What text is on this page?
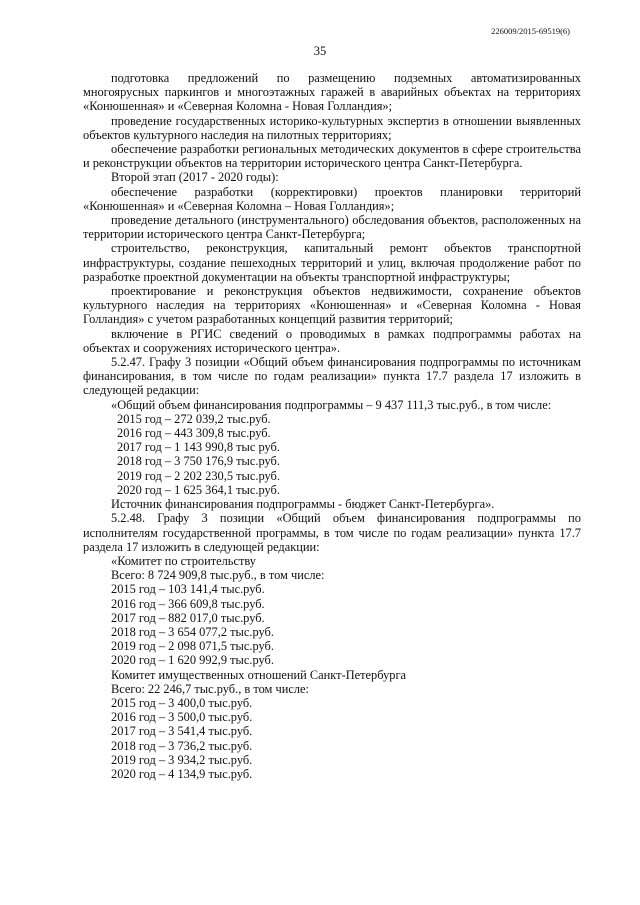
226009/2015-69519(6)
35

подготовка предложений по размещению подземных автоматизированных многоярусных паркингов и многоэтажных гаражей в аварийных объектах на территориях «Конюшенная» и «Северная Коломна - Новая Голландия»;

проведение государственных историко-культурных экспертиз в отношении выявленных объектов культурного наследия на пилотных территориях;

обеспечение разработки региональных методических документов в сфере строительства и реконструкции объектов на территории исторического центра Санкт-Петербурга.

Второй этап (2017 - 2020 годы):

обеспечение разработки (корректировки) проектов планировки территорий «Конюшенная» и «Северная Коломна – Новая Голландия»;

проведение детального (инструментального) обследования объектов, расположенных на территории исторического центра Санкт-Петербурга;

строительство, реконструкция, капитальный ремонт объектов транспортной инфраструктуры, создание пешеходных территорий и улиц, включая продолжение работ по разработке проектной документации на объекты транспортной инфраструктуры;

проектирование и реконструкция объектов недвижимости, сохранение объектов культурного наследия на территориях «Конюшенная» и «Северная Коломна - Новая Голландия» с учетом разработанных концепций развития территорий;

включение в РГИС сведений о проводимых в рамках подпрограммы работах на объектах и сооружениях исторического центра».

5.2.47. Графу 3 позиции «Общий объем финансирования подпрограммы по источникам финансирования, в том числе по годам реализации» пункта 17.7 раздела 17 изложить в следующей редакции:

«Общий объем финансирования подпрограммы – 9 437 111,3 тыс.руб., в том числе:

2015 год – 272 039,2 тыс.руб.

2016 год – 443 309,8 тыс.руб.

2017 год – 1 143 990,8 тыс руб.

2018 год – 3 750 176,9 тыс.руб.

2019 год – 2 202 230,5 тыс.руб.

2020 год – 1 625 364,1 тыс.руб.

Источник финансирования подпрограммы - бюджет Санкт-Петербурга».

5.2.48. Графу 3 позиции «Общий объем финансирования подпрограммы по исполнителям государственной программы, в том числе по годам реализации» пункта 17.7 раздела 17 изложить в следующей редакции:

«Комитет по строительству

Всего: 8 724 909,8 тыс.руб., в том числе:

2015 год – 103 141,4 тыс.руб.

2016 год – 366 609,8 тыс.руб.

2017 год – 882 017,0 тыс.руб.

2018 год – 3 654 077,2 тыс.руб.

2019 год – 2 098 071,5 тыс.руб.

2020 год – 1 620 992,9 тыс.руб.

Комитет имущественных отношений Санкт-Петербурга

Всего: 22 246,7 тыс.руб., в том числе:

2015 год – 3 400,0 тыс.руб.

2016 год – 3 500,0 тыс.руб.

2017 год – 3 541,4 тыс.руб.

2018 год – 3 736,2 тыс.руб.

2019 год – 3 934,2 тыс.руб.

2020 год – 4 134,9 тыс.руб.
